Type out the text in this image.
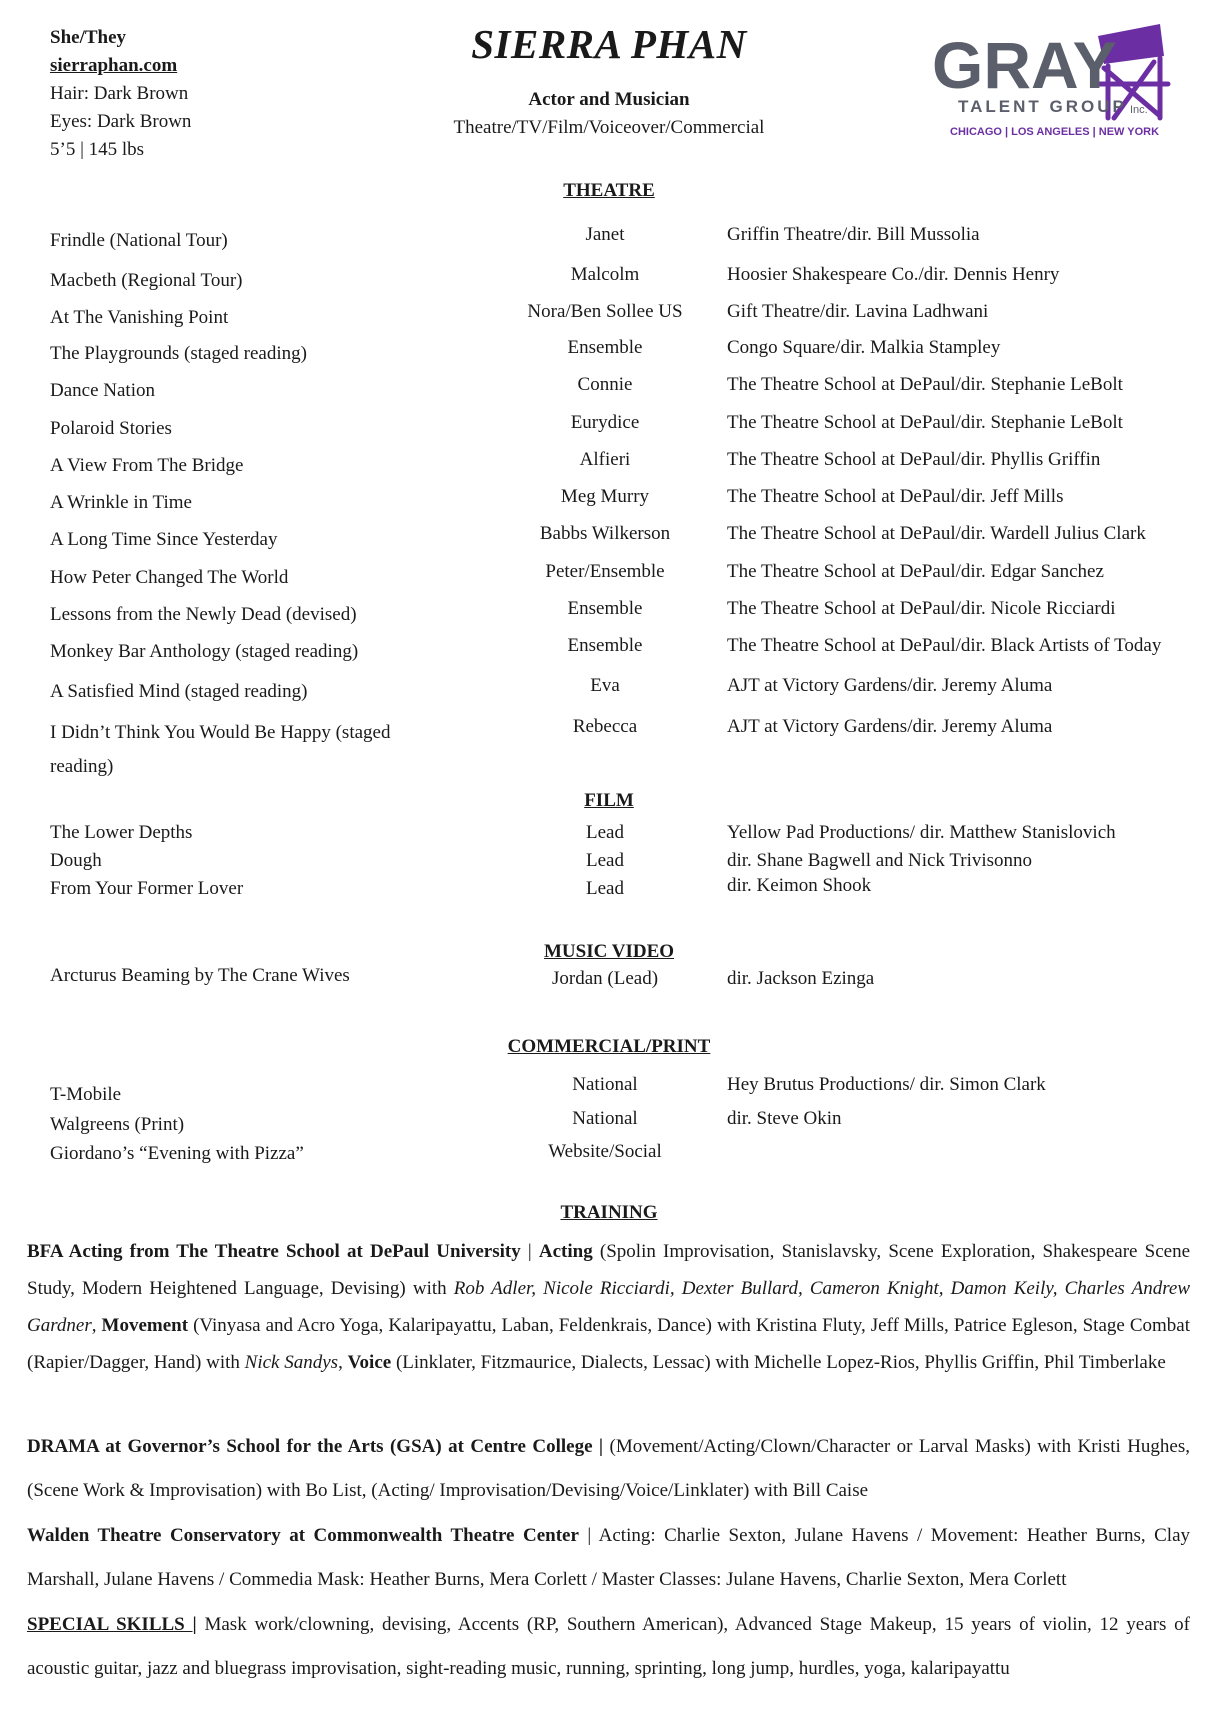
She/They
sierraphan.com
Hair: Dark Brown
Eyes: Dark Brown
5’5 | 145 lbs
SIERRA PHAN
Actor and Musician
Theatre/TV/Film/Voiceover/Commercial
GRAY
TALENT GROUP Inc.
CHICAGO | LOS ANGELES | NEW YORK
THEATRE
Frindle (National Tour)	Janet	Griffin Theatre/dir. Bill Mussolia
Macbeth (Regional Tour)	Malcolm	Hoosier Shakespeare Co./dir. Dennis Henry
At The Vanishing Point	Nora/Ben Sollee US	Gift Theatre/dir. Lavina Ladhwani
The Playgrounds (staged reading)	Ensemble	Congo Square/dir. Malkia Stampley
Dance Nation	Connie	The Theatre School at DePaul/dir. Stephanie LeBolt
Polaroid Stories	Eurydice	The Theatre School at DePaul/dir. Stephanie LeBolt
A View From The Bridge	Alfieri	The Theatre School at DePaul/dir. Phyllis Griffin
A Wrinkle in Time	Meg Murry	The Theatre School at DePaul/dir. Jeff Mills
A Long Time Since Yesterday	Babbs Wilkerson	The Theatre School at DePaul/dir. Wardell Julius Clark
How Peter Changed The World	Peter/Ensemble	The Theatre School at DePaul/dir. Edgar Sanchez
Lessons from the Newly Dead (devised)	Ensemble	The Theatre School at DePaul/dir. Nicole Ricciardi
Monkey Bar Anthology (staged reading)	Ensemble	The Theatre School at DePaul/dir. Black Artists of Today
A Satisfied Mind (staged reading)	Eva	AJT at Victory Gardens/dir. Jeremy Aluma
I Didn’t Think You Would Be Happy (staged	Rebecca	AJT at Victory Gardens/dir. Jeremy Aluma
reading)
FILM
The Lower Depths	Lead	Yellow Pad Productions/ dir. Matthew Stanislovich
Dough	Lead	dir. Shane Bagwell and Nick Trivisonno
From Your Former Lover	Lead	dir. Keimon Shook
MUSIC VIDEO
Arcturus Beaming by The Crane Wives	Jordan (Lead)	dir. Jackson Ezinga
COMMERCIAL/PRINT
T-Mobile	National	Hey Brutus Productions/ dir. Simon Clark
Walgreens (Print)	National	dir. Steve Okin
Giordano’s “Evening with Pizza”	Website/Social
TRAINING
BFA Acting from The Theatre School at DePaul University | Acting (Spolin Improvisation, Stanislavsky, Scene Exploration, Shakespeare Scene Study, Modern Heightened Language, Devising) with Rob Adler, Nicole Ricciardi, Dexter Bullard, Cameron Knight, Damon Keily, Charles Andrew Gardner, Movement (Vinyasa and Acro Yoga, Kalaripayattu, Laban, Feldenkrais, Dance) with Kristina Fluty, Jeff Mills, Patrice Egleson, Stage Combat (Rapier/Dagger, Hand) with Nick Sandys, Voice (Linklater, Fitzmaurice, Dialects, Lessac) with Michelle Lopez-Rios, Phyllis Griffin, Phil Timberlake
DRAMA at Governor’s School for the Arts (GSA) at Centre College | (Movement/Acting/Clown/Character or Larval Masks) with Kristi Hughes,(Scene Work & Improvisation) with Bo List, (Acting/ Improvisation/Devising/Voice/Linklater) with Bill Caise
Walden Theatre Conservatory at Commonwealth Theatre Center | Acting: Charlie Sexton, Julane Havens / Movement: Heather Burns, Clay Marshall, Julane Havens / Commedia Mask: Heather Burns, Mera Corlett / Master Classes: Julane Havens, Charlie Sexton, Mera Corlett
SPECIAL SKILLS | Mask work/clowning, devising, Accents (RP, Southern American), Advanced Stage Makeup, 15 years of violin, 12 years of acoustic guitar, jazz and bluegrass improvisation, sight-reading music, running, sprinting, long jump, hurdles, yoga, kalaripayattu
